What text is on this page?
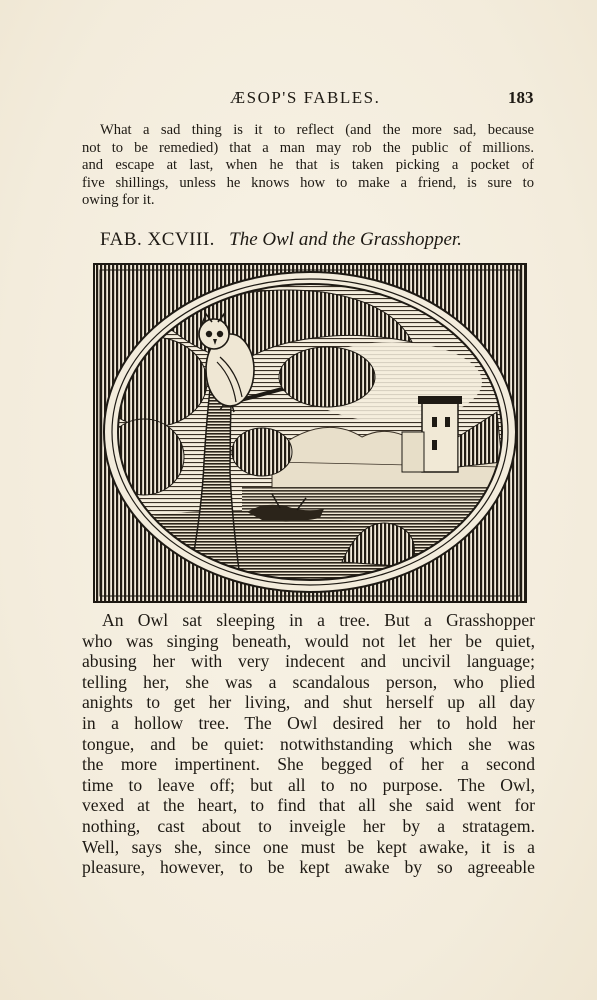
ÆSOP'S FABLES.	183
What a sad thing is it to reflect (and the more sad, because
not to be remedied) that a man may rob the public of millions.
and escape at last, when he that is taken picking a pocket of
five shillings, unless he knows how to make a friend, is sure to
owing for it.
FAB. XCVIII. The Owl and the Grasshopper.
An Owl sat sleeping in a tree. But a Grasshopper
who was singing beneath, would not let her be quiet,
abusing her with very indecent and uncivil language;
telling her, she was a scandalous person, who plied
anights to get her living, and shut herself up all day
in a hollow tree. The Owl desired her to hold her
tongue, and be quiet: notwithstanding which she was
the more impertinent. She begged of her a second
time to leave off; but all to no purpose. The Owl,
vexed at the heart, to find that all she said went for
nothing, cast about to inveigle her by a stratagem.
Well, says she, since one must be kept awake, it is a
pleasure, however, to be kept awake by so agreeable
